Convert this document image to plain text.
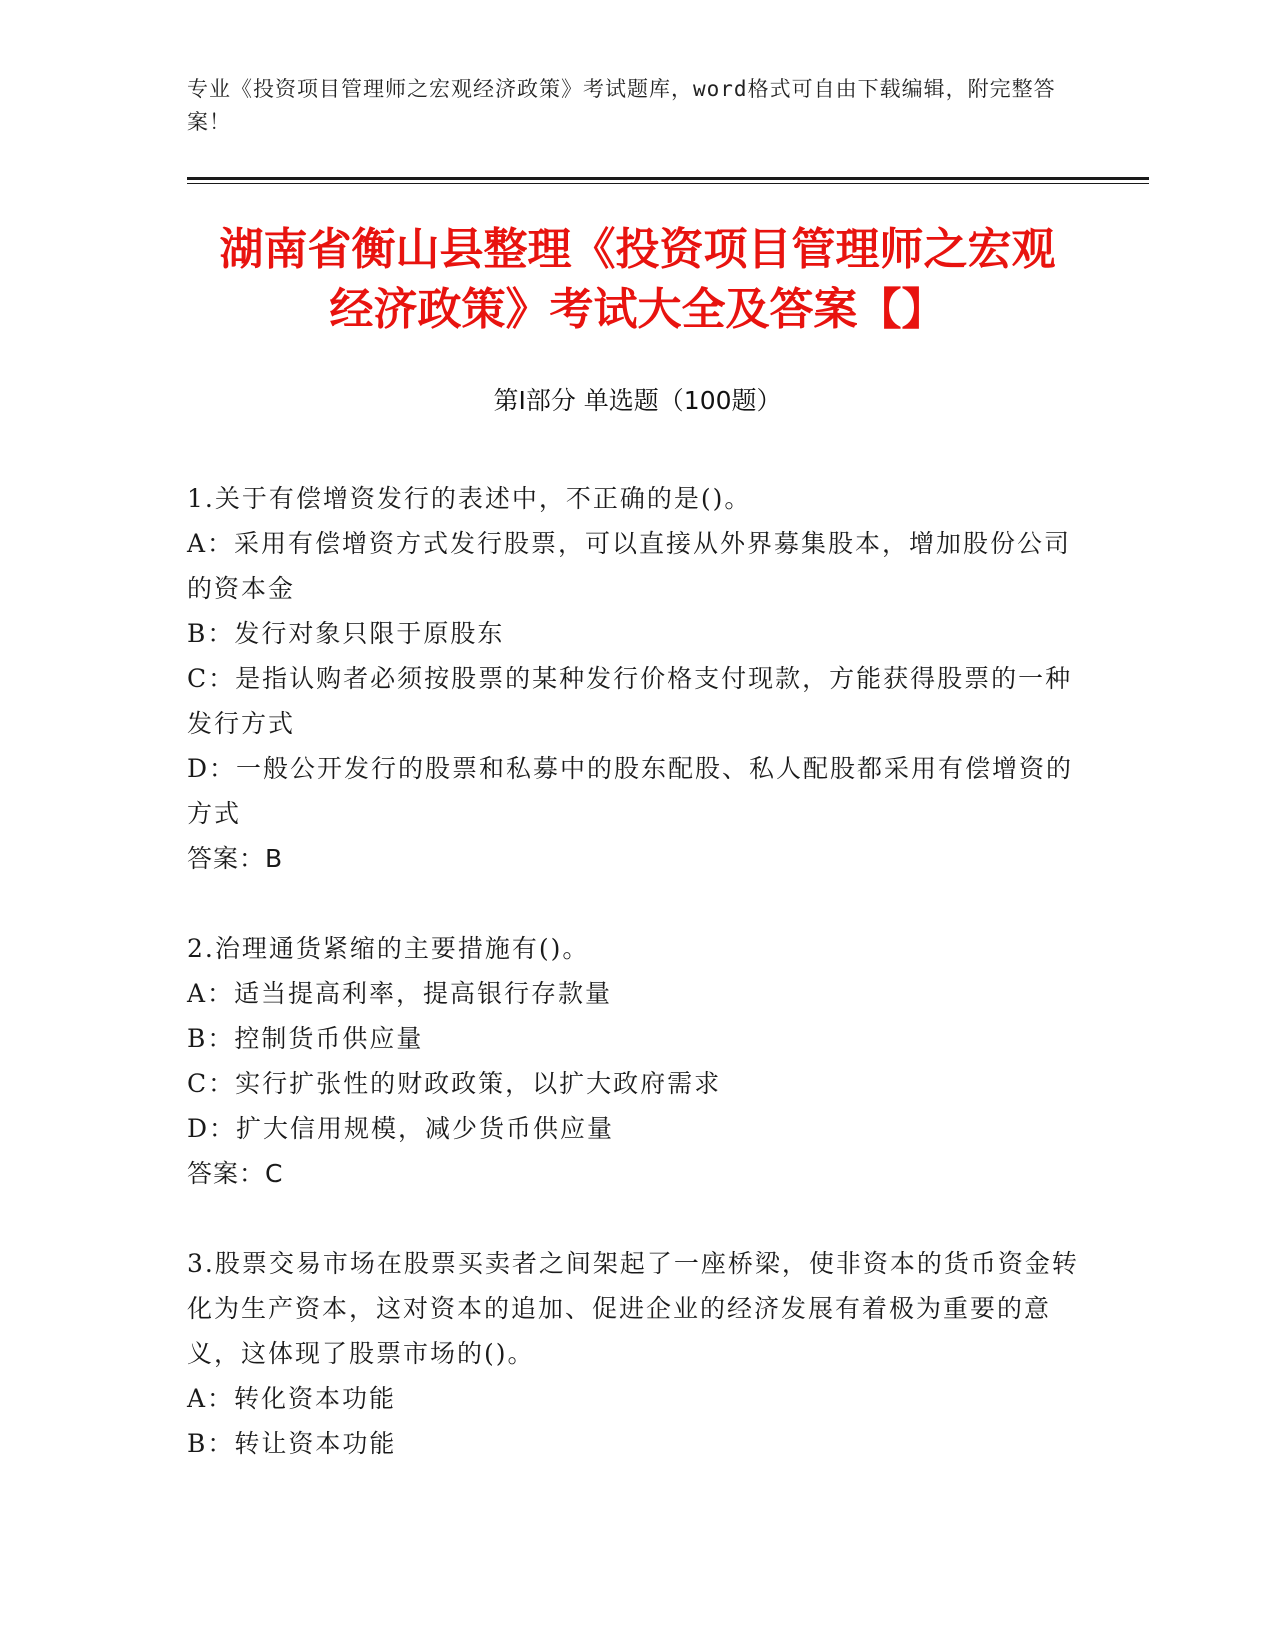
专业《投资项目管理师之宏观经济政策》考试题库，word格式可自由下载编辑，附完整答案！
湖南省衡山县整理《投资项目管理师之宏观
经济政策》考试大全及答案【】
第Ⅰ部分 单选题（100题）
1.关于有偿增资发行的表述中，不正确的是()。
A：采用有偿增资方式发行股票，可以直接从外界募集股本，增加股份公司的资本金
B：发行对象只限于原股东
C：是指认购者必须按股票的某种发行价格支付现款，方能获得股票的一种发行方式
D：一般公开发行的股票和私募中的股东配股、私人配股都采用有偿增资的方式
答案：B
2.治理通货紧缩的主要措施有()。
A：适当提高利率，提高银行存款量
B：控制货币供应量
C：实行扩张性的财政政策，以扩大政府需求
D：扩大信用规模，减少货币供应量
答案：C
3.股票交易市场在股票买卖者之间架起了一座桥梁，使非资本的货币资金转化为生产资本，这对资本的追加、促进企业的经济发展有着极为重要的意义，这体现了股票市场的()。
A：转化资本功能
B：转让资本功能
